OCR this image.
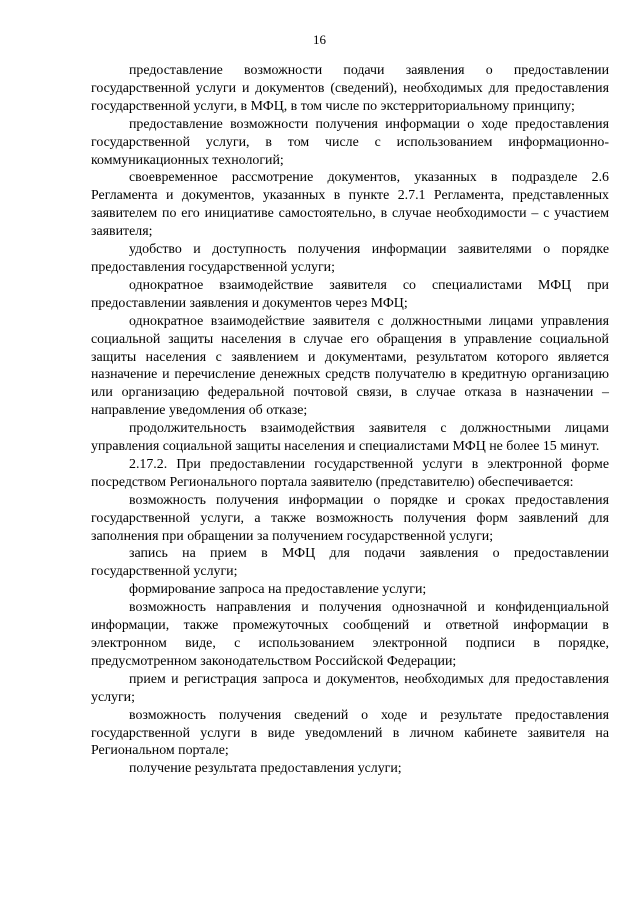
16

предоставление возможности подачи заявления о предоставлении государственной услуги и документов (сведений), необходимых для предоставления государственной услуги, в МФЦ, в том числе по экстерриториальному принципу;

предоставление возможности получения информации о ходе предоставления государственной услуги, в том числе с использованием информационно-коммуникационных технологий;

своевременное рассмотрение документов, указанных в подразделе 2.6 Регламента и документов, указанных в пункте 2.7.1 Регламента, представленных заявителем по его инициативе самостоятельно, в случае необходимости – с участием заявителя;

удобство и доступность получения информации заявителями о порядке предоставления государственной услуги;

однократное взаимодействие заявителя со специалистами МФЦ при предоставлении заявления и документов через МФЦ;

однократное взаимодействие заявителя с должностными лицами управления социальной защиты населения в случае его обращения в управление социальной защиты населения с заявлением и документами, результатом которого является назначение и перечисление денежных средств получателю в кредитную организацию или организацию федеральной почтовой связи, в случае отказа в назначении – направление уведомления об отказе;

продолжительность взаимодействия заявителя с должностными лицами управления социальной защиты населения и специалистами МФЦ не более 15 минут.

2.17.2. При предоставлении государственной услуги в электронной форме посредством Регионального портала заявителю (представителю) обеспечивается:

возможность получения информации о порядке и сроках предоставления государственной услуги, а также возможность получения форм заявлений для заполнения при обращении за получением государственной услуги;

запись на прием в МФЦ для подачи заявления о предоставлении государственной услуги;

формирование запроса на предоставление услуги;

возможность направления и получения однозначной и конфиденциальной информации, также промежуточных сообщений и ответной информации в электронном виде, с использованием электронной подписи в порядке, предусмотренном законодательством Российской Федерации;

прием и регистрация запроса и документов, необходимых для предоставления услуги;

возможность получения сведений о ходе и результате предоставления государственной услуги в виде уведомлений в личном кабинете заявителя на Региональном портале;

получение результата предоставления услуги;
